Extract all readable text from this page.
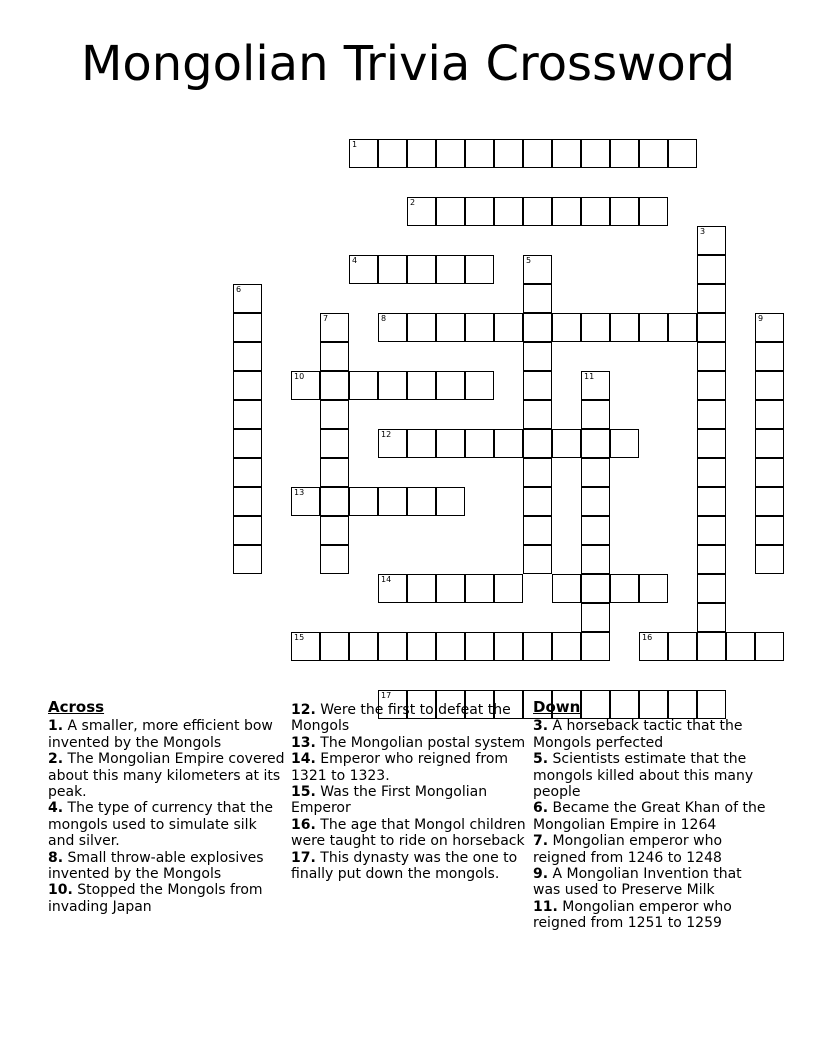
Mongolian Trivia Crossword
1
2
3
4	5
6
7	8	9
10	11
12
13
14
15	16
17
Across
1. A smaller, more efficient bow invented by the Mongols
2. The Mongolian Empire covered about this many kilometers at its peak.
4. The type of currency that the mongols used to simulate silk and silver.
8. Small throw-able explosives invented by the Mongols
10. Stopped the Mongols from invading Japan
12. Were the first to defeat the Mongols
13. The Mongolian postal system
14. Emperor who reigned from 1321 to 1323.
15. Was the First Mongolian Emperor
16. The age that Mongol children were taught to ride on horseback
17. This dynasty was the one to finally put down the mongols.
Down
3. A horseback tactic that the Mongols perfected
5. Scientists estimate that the mongols killed about this many people
6. Became the Great Khan of the Mongolian Empire in 1264
7. Mongolian emperor who reigned from 1246 to 1248
9. A Mongolian Invention that was used to Preserve Milk
11. Mongolian emperor who reigned from 1251 to 1259
